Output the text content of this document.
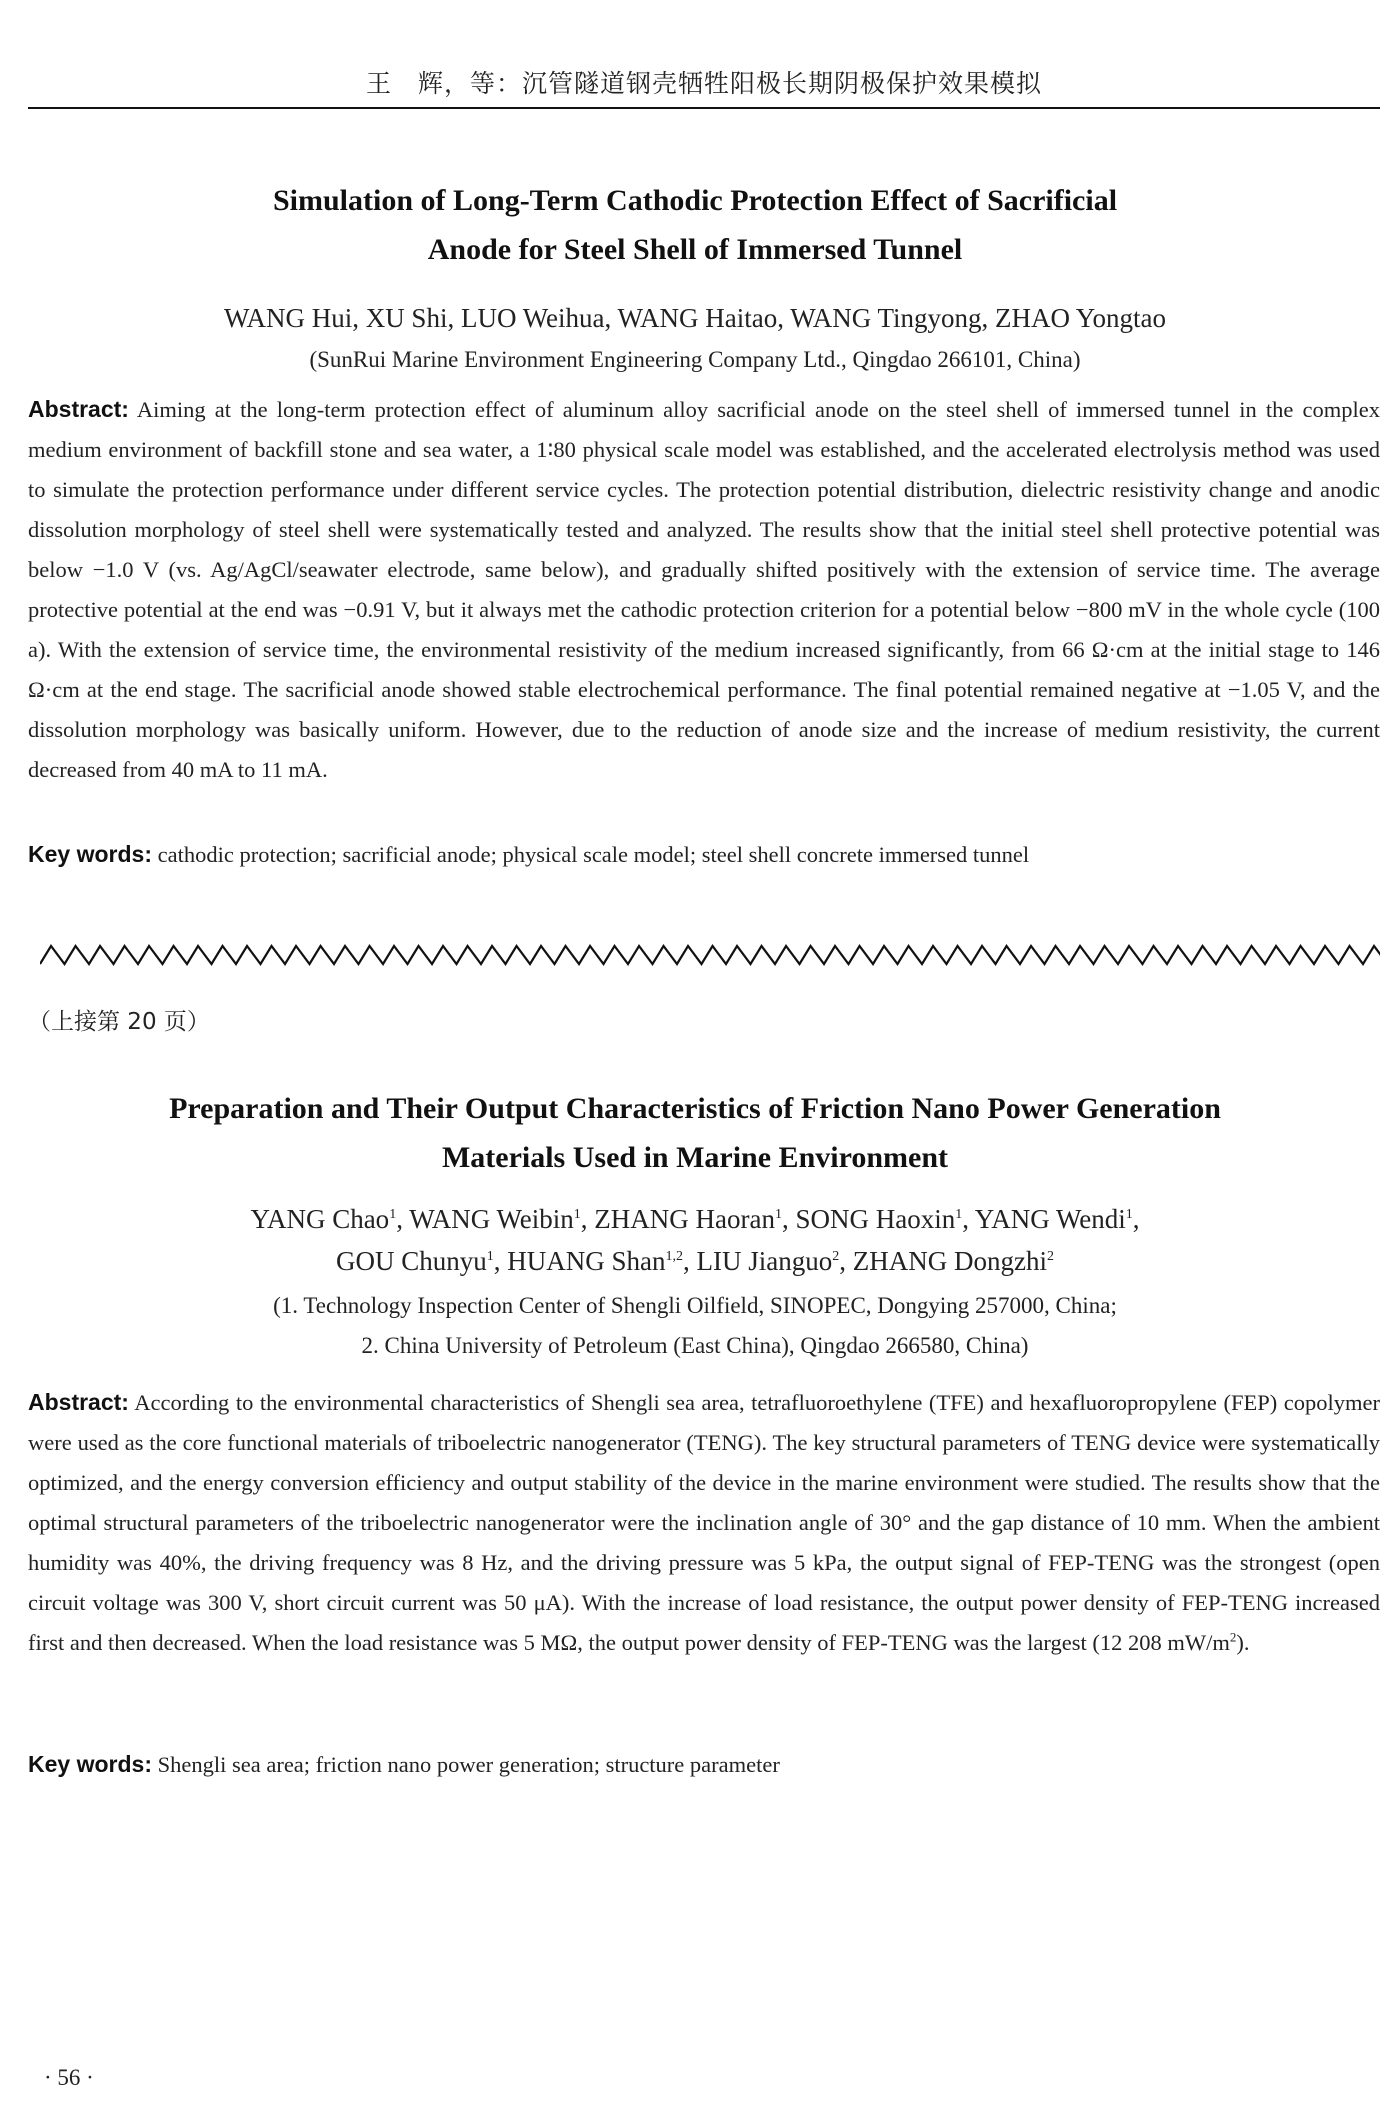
王　辉，等：沉管隧道钢壳牺牲阳极长期阴极保护效果模拟
Simulation of Long-Term Cathodic Protection Effect of Sacrificial
Anode for Steel Shell of Immersed Tunnel
WANG Hui, XU Shi, LUO Weihua, WANG Haitao, WANG Tingyong, ZHAO Yongtao
(SunRui Marine Environment Engineering Company Ltd., Qingdao 266101, China)
Abstract: Aiming at the long-term protection effect of aluminum alloy sacrificial anode on the steel shell of immersed tunnel in the complex medium environment of backfill stone and sea water, a 1∶80 physical scale model was established, and the accelerated electrolysis method was used to simulate the protection performance under different service cycles. The protection potential distribution, dielectric resistivity change and anodic dissolution morphology of steel shell were systematically tested and analyzed. The results show that the initial steel shell protective potential was below −1.0 V (vs. Ag/AgCl/seawater electrode, same below), and gradually shifted positively with the extension of service time. The average protective potential at the end was −0.91 V, but it always met the cathodic protection criterion for a potential below −800 mV in the whole cycle (100 a). With the extension of service time, the environmental resistivity of the medium increased significantly, from 66 Ω·cm at the initial stage to 146 Ω·cm at the end stage. The sacrificial anode showed stable electrochemical performance. The final potential remained negative at −1.05 V, and the dissolution morphology was basically uniform. However, due to the reduction of anode size and the increase of medium resistivity, the current decreased from 40 mA to 11 mA.
Key words: cathodic protection; sacrificial anode; physical scale model; steel shell concrete immersed tunnel
（上接第 20 页）
Preparation and Their Output Characteristics of Friction Nano Power Generation
Materials Used in Marine Environment
YANG Chao$^1$, WANG Weibin$^1$, ZHANG Haoran$^1$, SONG Haoxin$^1$, YANG Wendi$^1$,
GOU Chunyu$^1$, HUANG Shan$^{1,2}$, LIU Jianguo$^2$, ZHANG Dongzhi$^2$
(1. Technology Inspection Center of Shengli Oilfield, SINOPEC, Dongying 257000, China;
2. China University of Petroleum (East China), Qingdao 266580, China)
Abstract: According to the environmental characteristics of Shengli sea area, tetrafluoroethylene (TFE) and hexafluoropropylene (FEP) copolymer were used as the core functional materials of triboelectric nanogenerator (TENG). The key structural parameters of TENG device were systematically optimized, and the energy conversion efficiency and output stability of the device in the marine environment were studied. The results show that the optimal structural parameters of the triboelectric nanogenerator were the inclination angle of 30° and the gap distance of 10 mm. When the ambient humidity was 40%, the driving frequency was 8 Hz, and the driving pressure was 5 kPa, the output signal of FEP-TENG was the strongest (open circuit voltage was 300 V, short circuit current was 50 μA). With the increase of load resistance, the output power density of FEP-TENG increased first and then decreased. When the load resistance was 5 MΩ, the output power density of FEP-TENG was the largest (12 208 $mW/m^2$).
Key words: Shengli sea area; friction nano power generation; structure parameter
· 56 ·
